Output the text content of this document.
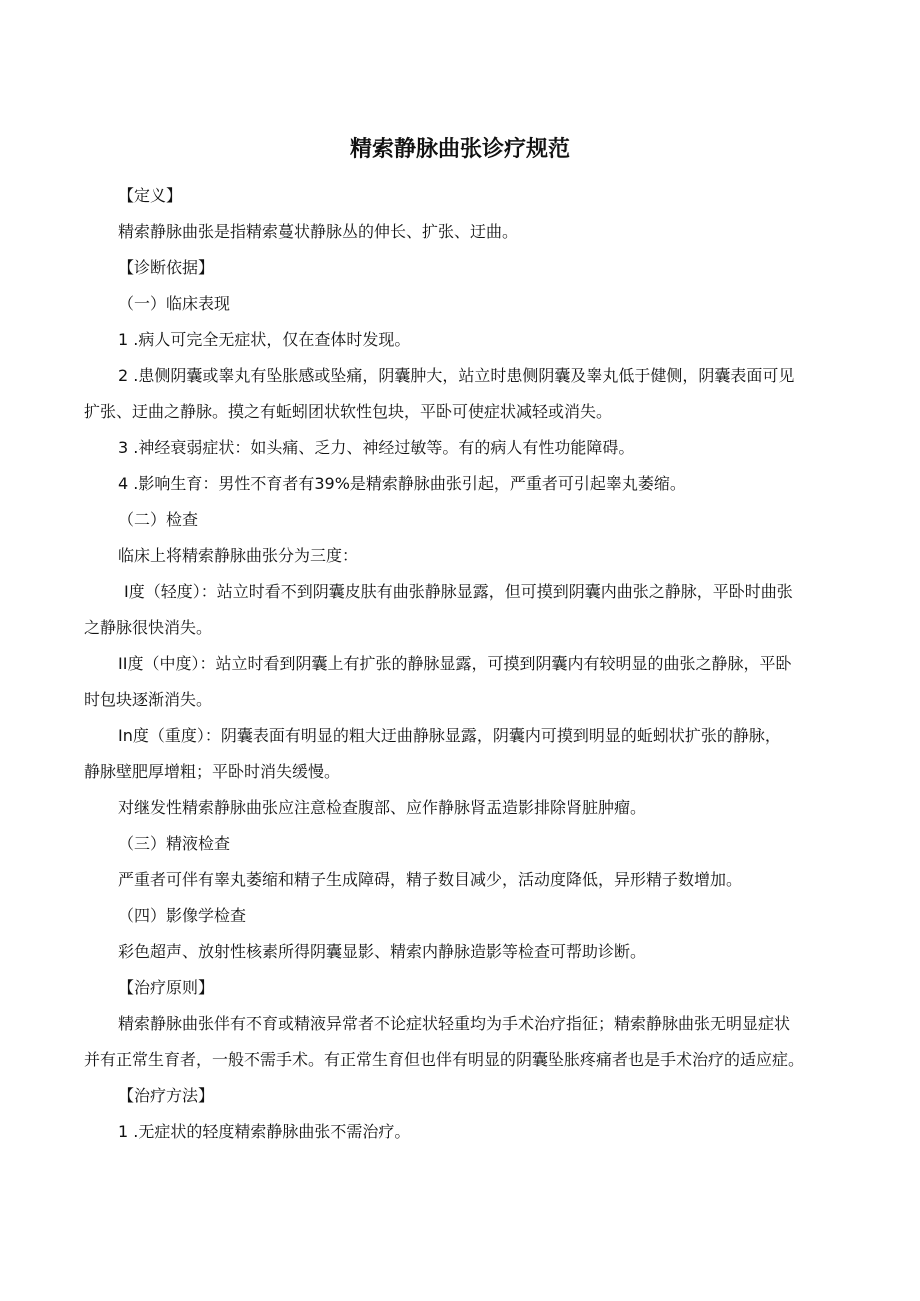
精索静脉曲张诊疗规范
【定义】
精索静脉曲张是指精索蔓状静脉丛的伸长、扩张、迂曲。
【诊断依据】
（一）临床表现
1 .病人可完全无症状，仅在查体时发现。
2 .患侧阴囊或睾丸有坠胀感或坠痛，阴囊肿大，站立时患侧阴囊及睾丸低于健侧，阴囊表面可见
扩张、迂曲之静脉。摸之有蚯蚓团状软性包块，平卧可使症状减轻或消失。
3 .神经衰弱症状：如头痛、乏力、神经过敏等。有的病人有性功能障碍。
4 .影响生育：男性不育者有39%是精索静脉曲张引起，严重者可引起睾丸萎缩。
（二）检查
临床上将精索静脉曲张分为三度：
I度（轻度）：站立时看不到阴囊皮肤有曲张静脉显露，但可摸到阴囊内曲张之静脉，平卧时曲张
之静脉很快消失。
II度（中度）：站立时看到阴囊上有扩张的静脉显露，可摸到阴囊内有较明显的曲张之静脉，平卧
时包块逐渐消失。
In度（重度）：阴囊表面有明显的粗大迂曲静脉显露，阴囊内可摸到明显的蚯蚓状扩张的静脉，
静脉壁肥厚增粗；平卧时消失缓慢。
对继发性精索静脉曲张应注意检查腹部、应作静脉肾盂造影排除肾脏肿瘤。
（三）精液检查
严重者可伴有睾丸萎缩和精子生成障碍，精子数目减少，活动度降低，异形精子数增加。
（四）影像学检查
彩色超声、放射性核素所得阴囊显影、精索内静脉造影等检查可帮助诊断。
【治疗原则】
精索静脉曲张伴有不育或精液异常者不论症状轻重均为手术治疗指征；精索静脉曲张无明显症状
并有正常生育者，一般不需手术。有正常生育但也伴有明显的阴囊坠胀疼痛者也是手术治疗的适应症。
【治疗方法】
1 .无症状的轻度精索静脉曲张不需治疗。
